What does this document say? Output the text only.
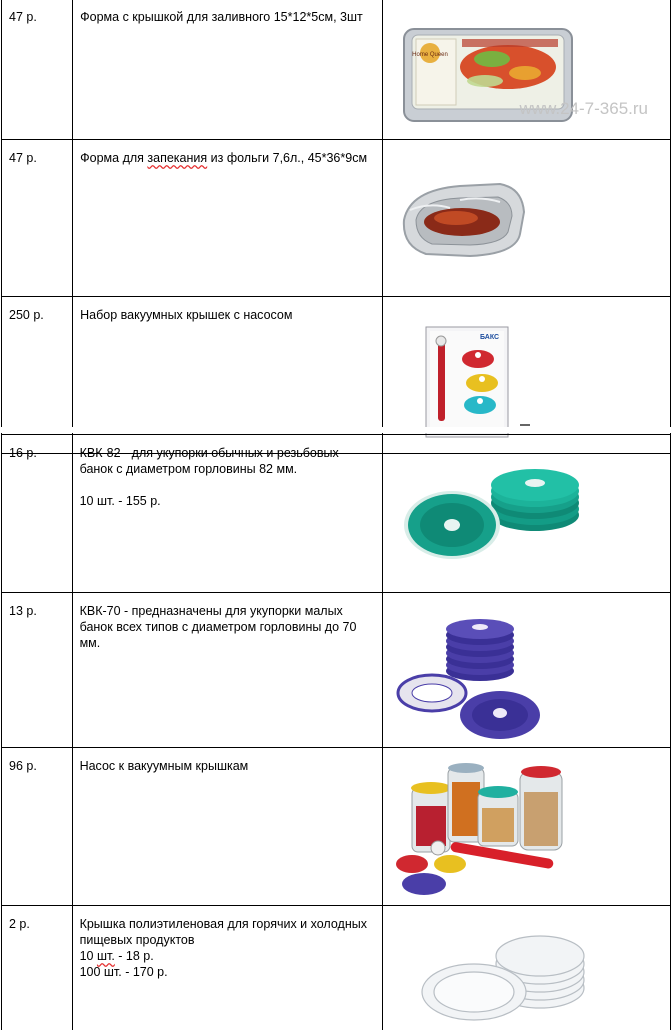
47 р.	Форма с крышкой для заливного 15*12*5см, 3шт	Home Queen
www.24-7-365.ru

47 р.	Форма для запекания из фольги 7,6л., 45*36*9см	

250 р.	Набор вакуумных крышек с насосом	БАКС
16 р.	КВК-82 - для укупорки обычных и резьбовых
банок с диаметром горловины 82 мм.
10 шт. - 155 р.

13 р.	КВК-70 - предназначены для укупорки малых
банок всех типов с диаметром горловины до 70
мм.

96 р.	Насос к вакуумным крышкам	

2 р.	Крышка полиэтиленовая для горячих и холодных
пищевых продуктов
10 шт. - 18 р.
100 шт. - 170 р.
